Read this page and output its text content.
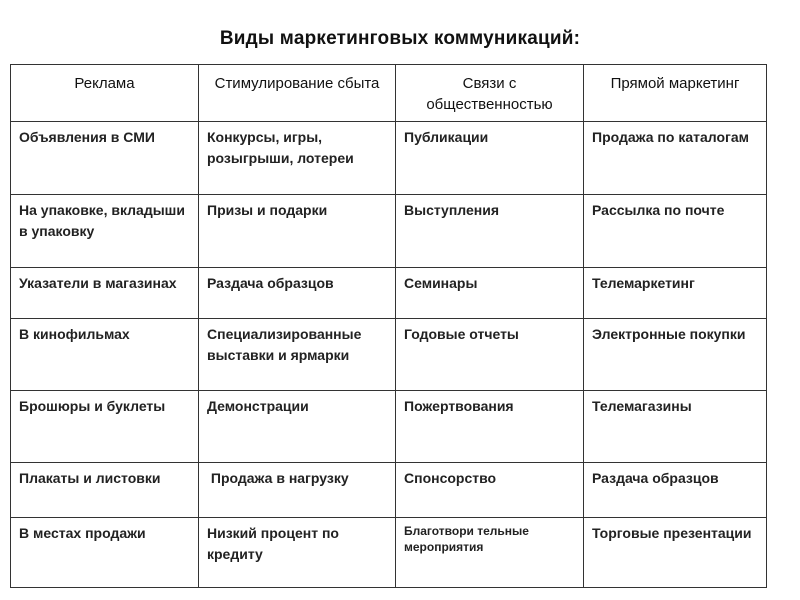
Виды маркетинговых коммуникаций:
Реклама	Стимулирование сбыта	Связи с общественностью	Прямой маркетинг
Объявления в СМИ	Конкурсы, игры, розыгрыши, лотереи	Публикации	Продажа по каталогам
На упаковке, вкладыши в упаковку	Призы и подарки	Выступления	Рассылка по почте
Указатели в магазинах	Раздача образцов	Семинары	Телемаркетинг
В кинофильмах	Специализированные выставки и ярмарки	Годовые отчеты	Электронные покупки
Брошюры и буклеты	Демонстрации	Пожертвования	Телемагазины
Плакаты и листовки	Продажа в нагрузку	Спонсорство	Раздача образцов
В местах продажи	Низкий процент по кредиту	Благотвори тельные мероприятия	Торговые презентации
